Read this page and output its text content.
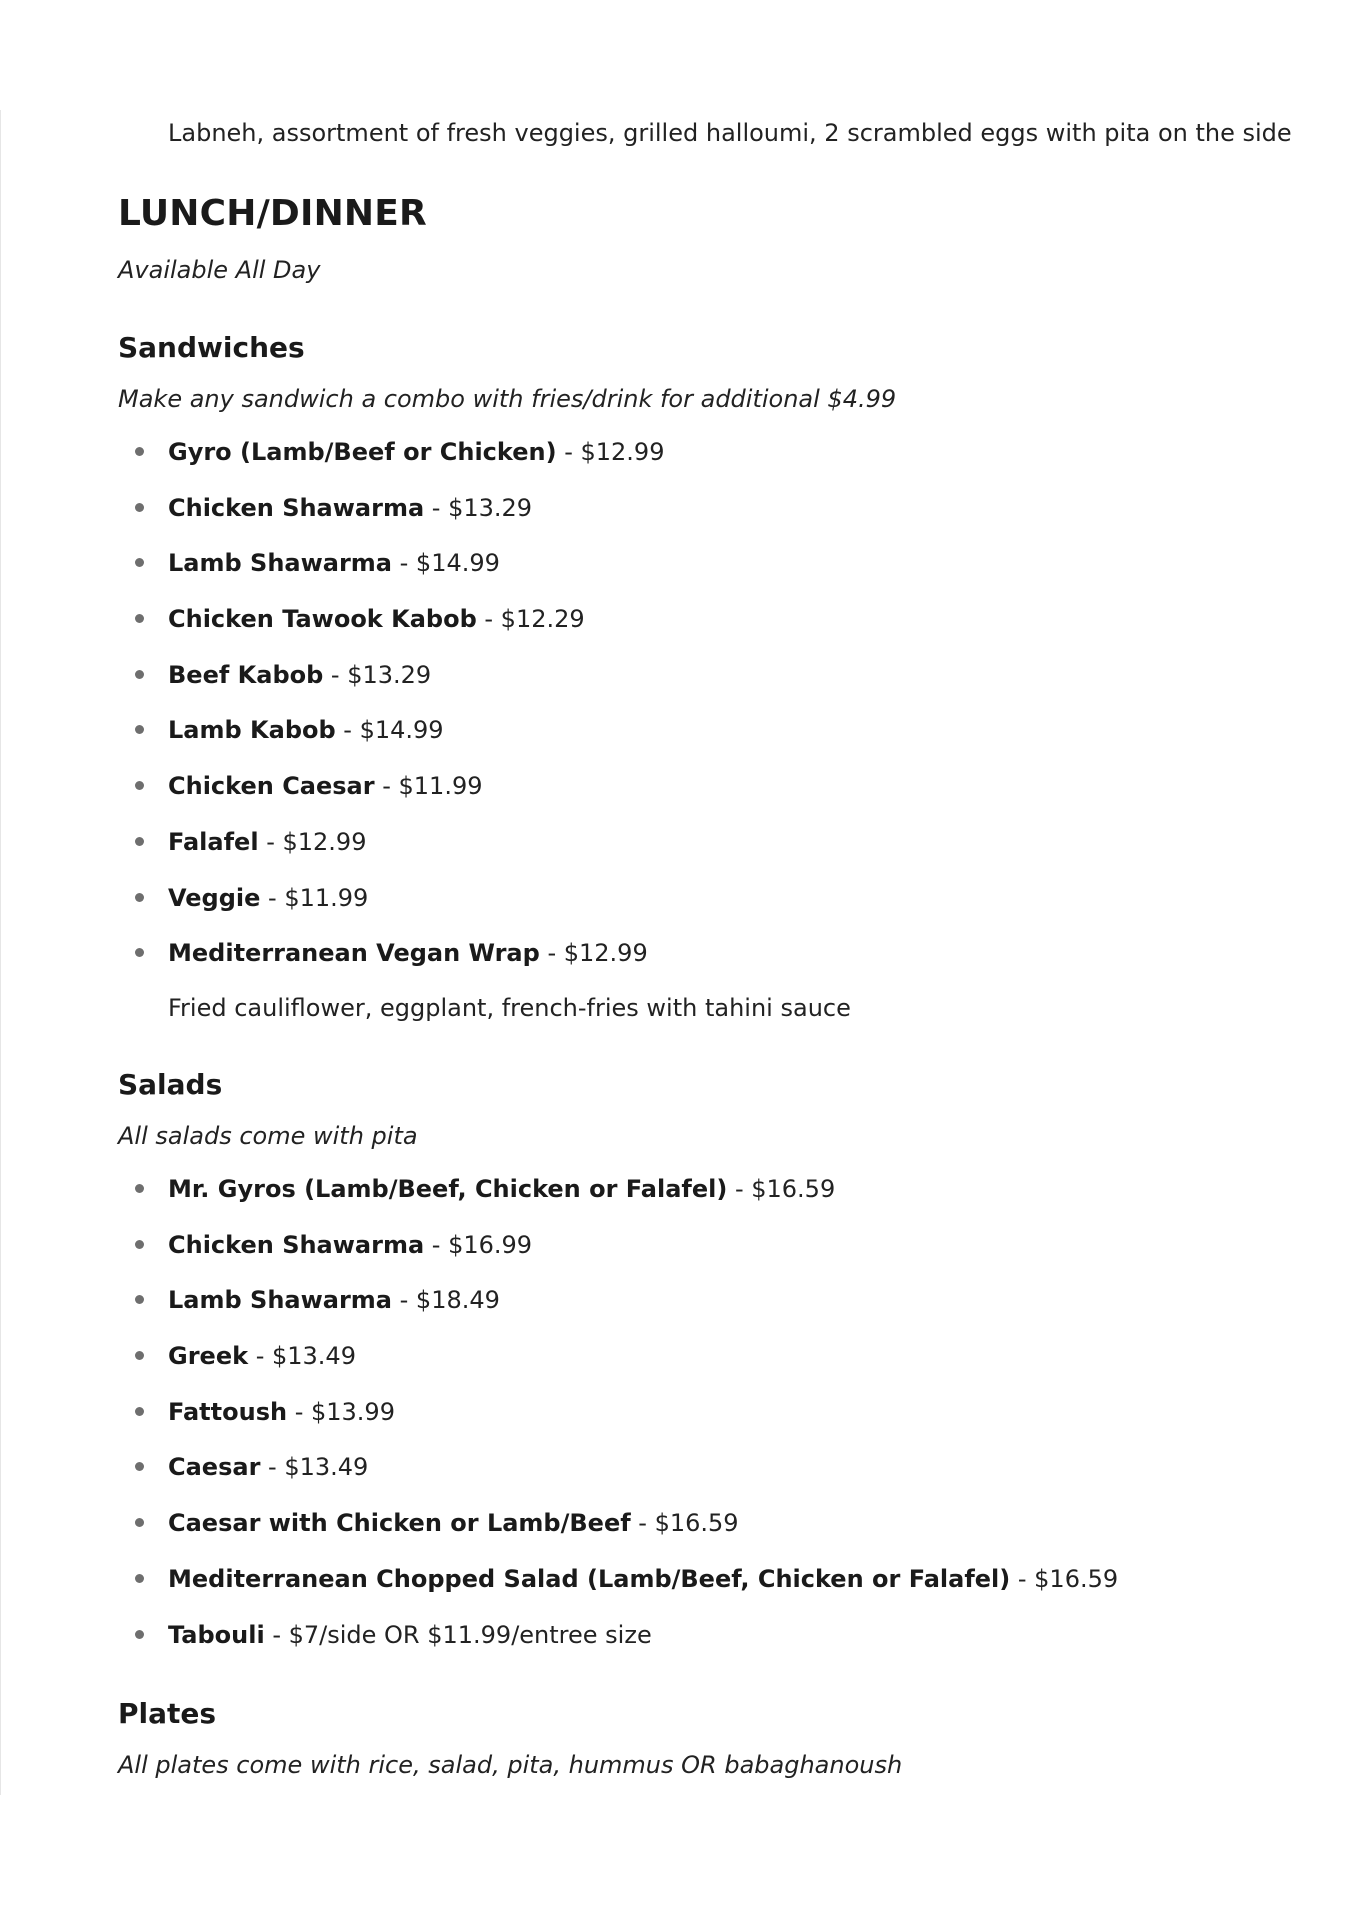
Labneh, assortment of fresh veggies, grilled halloumi, 2 scrambled eggs with pita on the side
LUNCH/DINNER
Available All Day
Sandwiches
Make any sandwich a combo with fries/drink for additional $4.99
Gyro (Lamb/Beef or Chicken) - $12.99
Chicken Shawarma - $13.29
Lamb Shawarma - $14.99
Chicken Tawook Kabob - $12.29
Beef Kabob - $13.29
Lamb Kabob - $14.99
Chicken Caesar - $11.99
Falafel - $12.99
Veggie - $11.99
Mediterranean Vegan Wrap - $12.99
Fried cauliflower, eggplant, french-fries with tahini sauce
Salads
All salads come with pita
Mr. Gyros (Lamb/Beef, Chicken or Falafel) - $16.59
Chicken Shawarma - $16.99
Lamb Shawarma - $18.49
Greek - $13.49
Fattoush - $13.99
Caesar - $13.49
Caesar with Chicken or Lamb/Beef - $16.59
Mediterranean Chopped Salad (Lamb/Beef, Chicken or Falafel) - $16.59
Tabouli - $7/side OR $11.99/entree size
Plates
All plates come with rice, salad, pita, hummus OR babaghanoush
